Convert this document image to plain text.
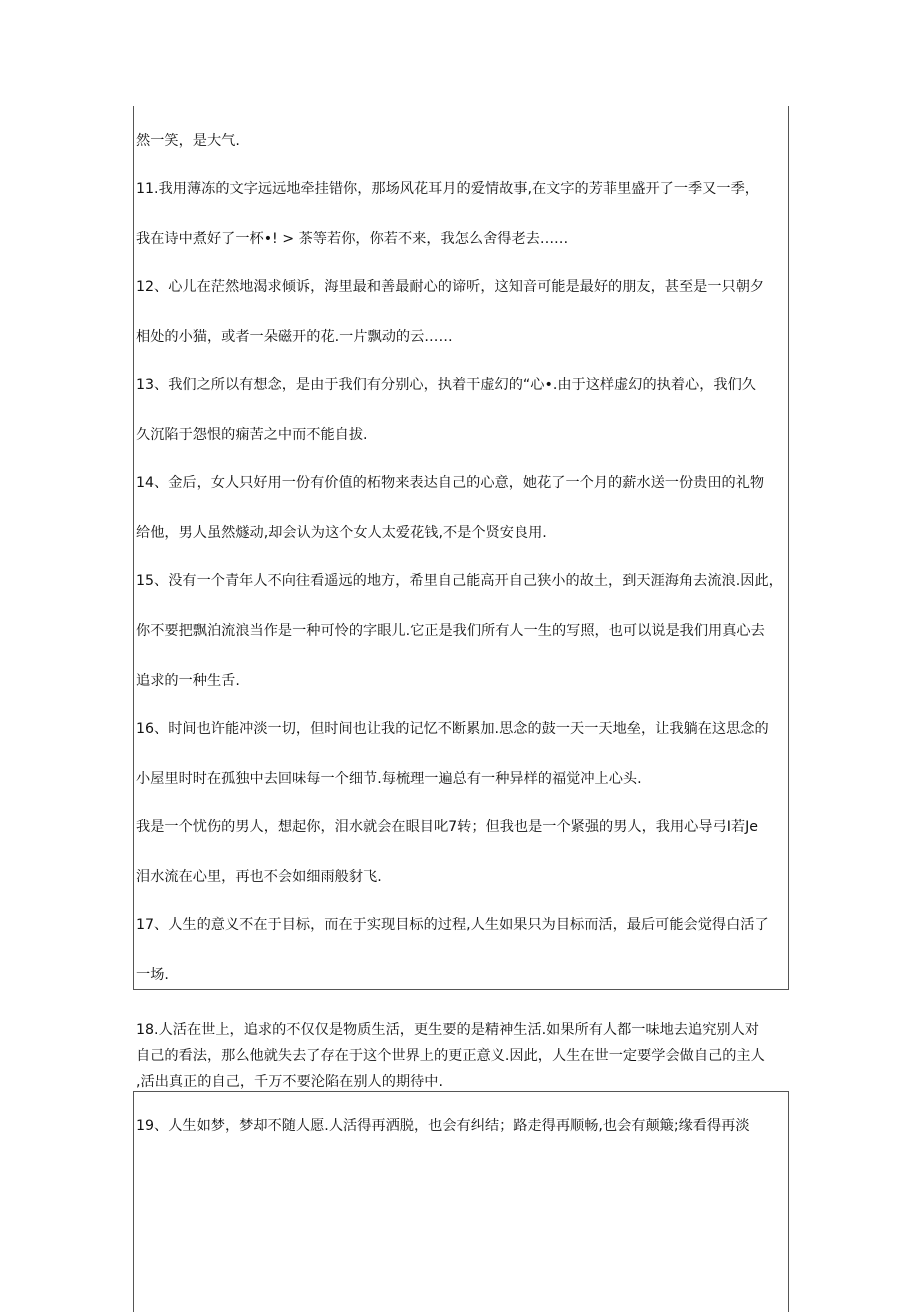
然一笑，是大气.
11.我用薄冻的文字远远地牵挂错你，那场风花耳月的爱情故事,在文字的芳菲里盛开了一季又一季，
我在诗中煮好了一杯•! > 茶等若你，你若不来，我怎么舍得老去……
12、心儿在茫然地渴求倾诉，海里最和善最耐心的谛听，这知音可能是最好的朋友，甚至是一只朝夕
相处的小猫，或者一朵磁开的花.一片飘动的云……
13、我们之所以有想念，是由于我们有分别心，执着干虚幻的“心•.由于这样虚幻的执着心，我们久
久沉陷于怨恨的痫苦之中而不能自拔.
14、金后，女人只好用一份有价值的柘物来表达自己的心意，她花了一个月的薪水送一份贵田的礼物
给他，男人虽然燧动,却会认为这个女人太爱花钱,不是个贤安良用.
15、没有一个青年人不向往看遥远的地方，希里自己能高开自己狭小的故土，到天涯海角去流浪.因此，
你不要把飘泊流浪当作是一种可怜的字眼儿.它正是我们所有人一生的写照，也可以说是我们用真心去
追求的一种生舌.
16、时间也许能冲淡一切，但时间也让我的记忆不断累加.思念的鼓一天一天地垒，让我躺在这思念的
小屋里时时在孤独中去回味每一个细节.每梳理一遍总有一种异样的福觉冲上心头.
我是一个忧伤的男人，想起你，泪水就会在眼目叱7转；但我也是一个紧强的男人，我用心导弓I若Je
泪水流在心里，再也不会如细雨般豺飞.
17、人生的意义不在于目标，而在于实现目标的过程,人生如果只为目标而活，最后可能会觉得白活了
一场.
18.人活在世上，追求的不仅仅是物质生活，更生要的是精神生活.如果所有人都一味地去追究别人对
自己的看法，那么他就失去了存在于这个世界上的更正意义.因此，人生在世一定要学会做自己的主人
,活出真正的自己，千万不要沦陷在别人的期待中.
19、人生如梦，梦却不随人愿.人活得再洒脱，也会有纠结；路走得再顺畅,也会有颠簸;缘看得再淡
